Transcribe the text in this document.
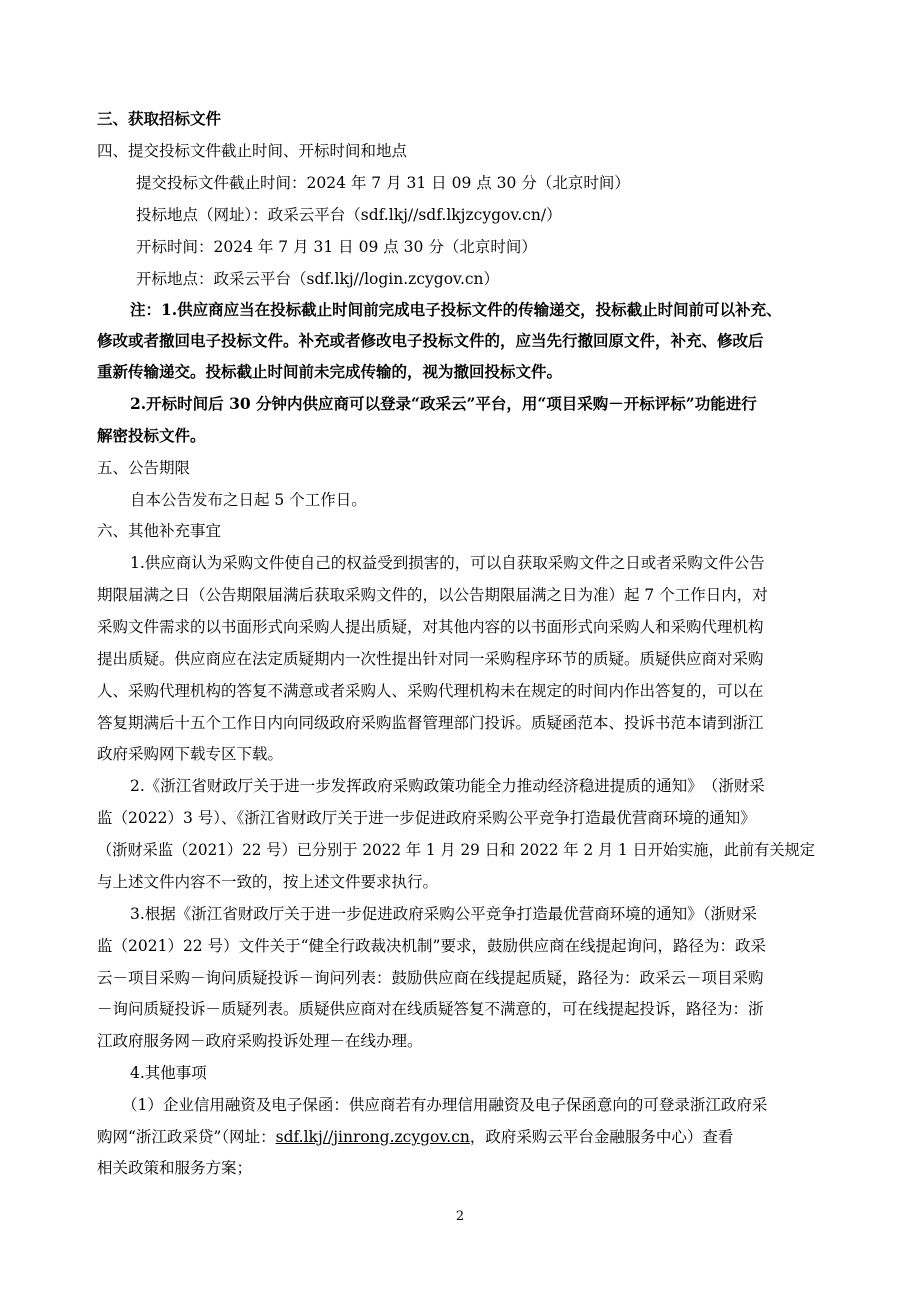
三、获取招标文件
四、提交投标文件截止时间、开标时间和地点
提交投标文件截止时间：2024 年 7 月 31 日 09 点 30 分（北京时间）
投标地点（网址）：政采云平台（sdf.lkj//sdf.lkjzcygov.cn/）
开标时间：2024 年 7 月 31 日 09 点 30 分（北京时间）
开标地点：政采云平台（sdf.lkj//login.zcygov.cn）
注：1.供应商应当在投标截止时间前完成电子投标文件的传输递交，投标截止时间前可以补充、
修改或者撤回电子投标文件。补充或者修改电子投标文件的，应当先行撤回原文件，补充、修改后
重新传输递交。投标截止时间前未完成传输的，视为撤回投标文件。
2.开标时间后 30 分钟内供应商可以登录“政采云”平台，用“项目采购－开标评标”功能进行
解密投标文件。
五、公告期限
自本公告发布之日起 5 个工作日。
六、其他补充事宜
1.供应商认为采购文件使自己的权益受到损害的，可以自获取采购文件之日或者采购文件公告
期限届满之日（公告期限届满后获取采购文件的，以公告期限届满之日为准）起 7 个工作日内，对
采购文件需求的以书面形式向采购人提出质疑，对其他内容的以书面形式向采购人和采购代理机构
提出质疑。供应商应在法定质疑期内一次性提出针对同一采购程序环节的质疑。质疑供应商对采购
人、采购代理机构的答复不满意或者采购人、采购代理机构未在规定的时间内作出答复的，可以在
答复期满后十五个工作日内向同级政府采购监督管理部门投诉。质疑函范本、投诉书范本请到浙江
政府采购网下载专区下载。
2.《浙江省财政厅关于进一步发挥政府采购政策功能全力推动经济稳进提质的通知》　（浙财采
监（2022）3 号）、《浙江省财政厅关于进一步促进政府采购公平竞争打造最优营商环境的通知》
（浙财采监（2021）22 号）已分别于 2022 年 1 月 29 日和 2022 年 2 月 1 日开始实施，此前有关规定
与上述文件内容不一致的，按上述文件要求执行。
3.根据《浙江省财政厅关于进一步促进政府采购公平竞争打造最优营商环境的通知》（浙财采
监（2021）22 号）文件关于“健全行政裁决机制”要求，鼓励供应商在线提起询问，路径为：政采
云－项目采购－询问质疑投诉－询问列表：鼓励供应商在线提起质疑，路径为：政采云－项目采购
－询问质疑投诉－质疑列表。质疑供应商对在线质疑答复不满意的，可在线提起投诉，路径为：浙
江政府服务网－政府采购投诉处理－在线办理。
4.其他事项
（1）企业信用融资及电子保函：供应商若有办理信用融资及电子保函意向的可登录浙江政府采
购网“浙江政采贷”（网址：sdf.lkj//jinrong.zcygov.cn，政府采购云平台金融服务中心）查看
相关政策和服务方案；
2
